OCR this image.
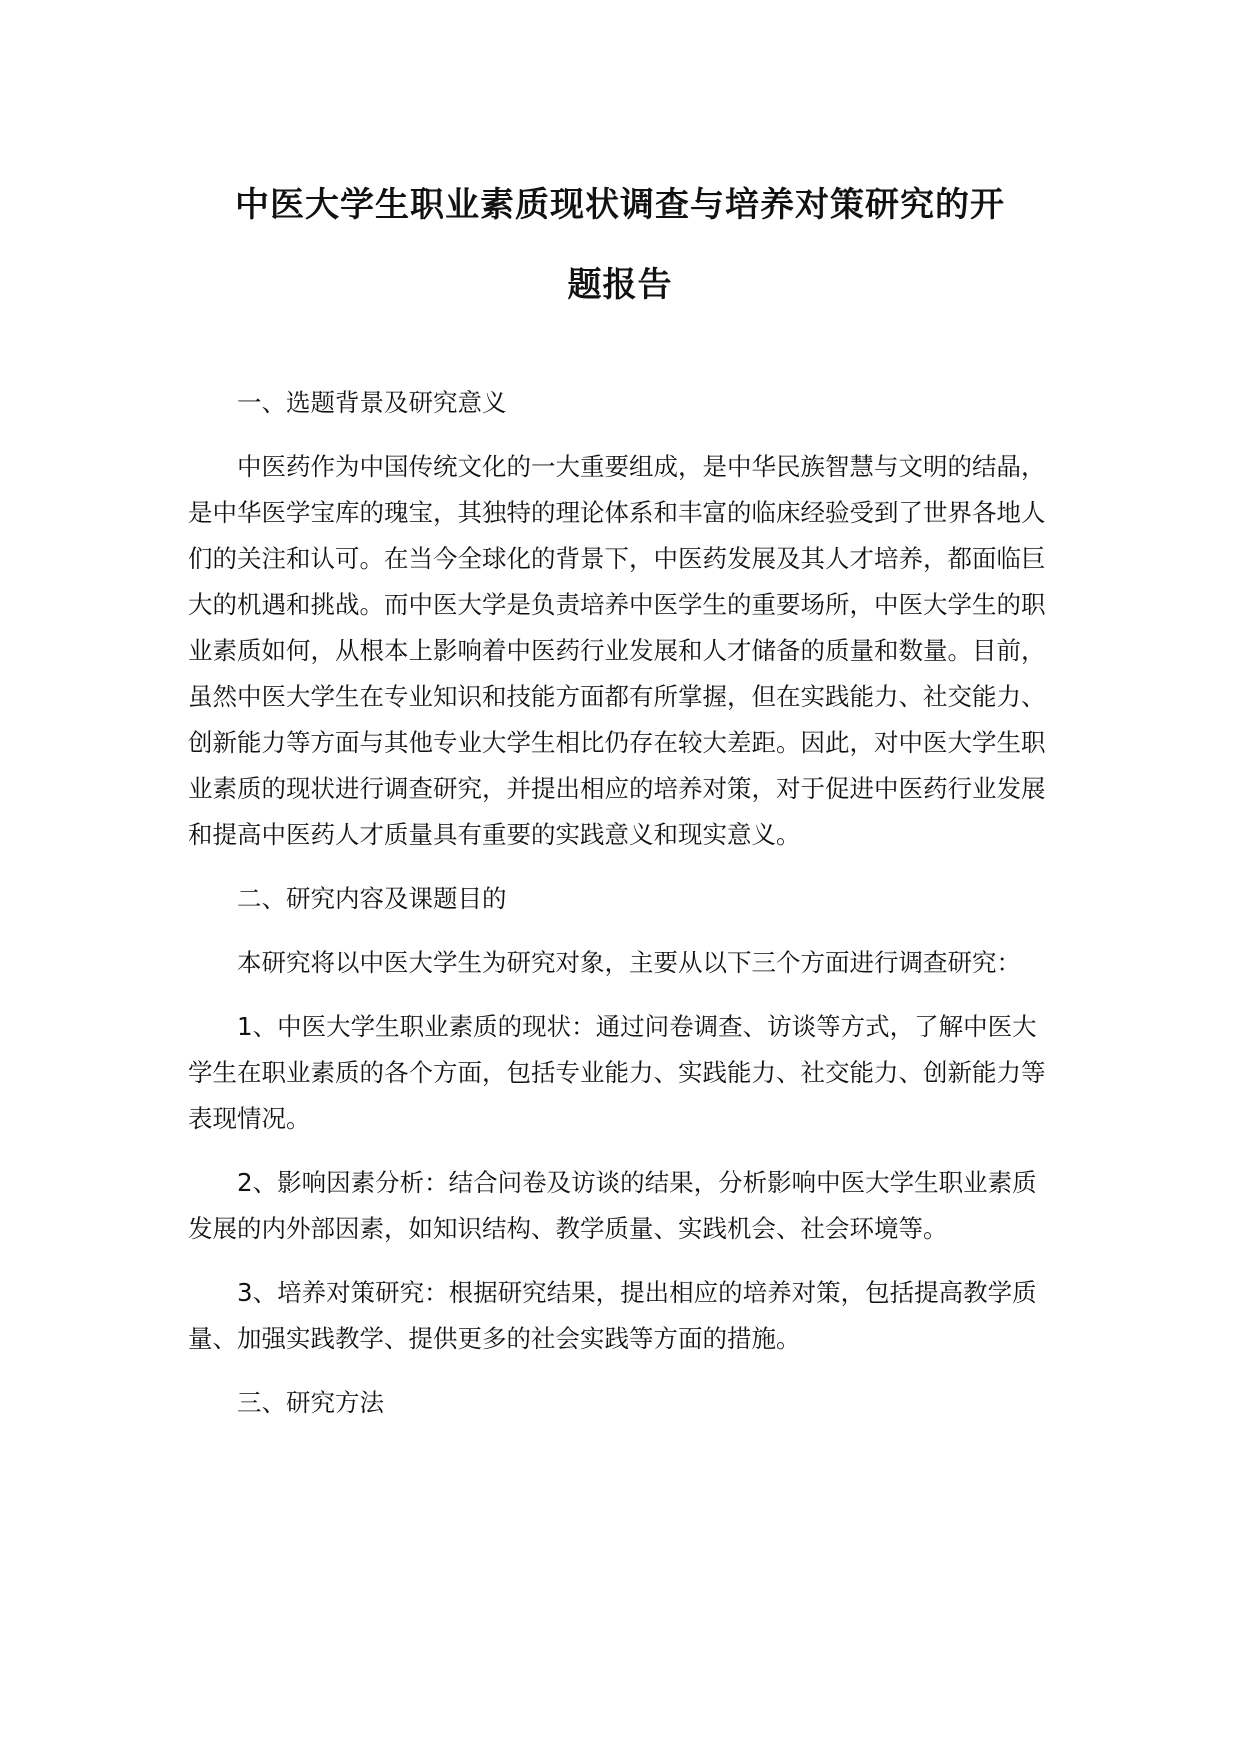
中医大学生职业素质现状调查与培养对策研究的开
题报告

一、选题背景及研究意义

中医药作为中国传统文化的一大重要组成，是中华民族智慧与文明的结晶，是中华医学宝库的瑰宝，其独特的理论体系和丰富的临床经验受到了世界各地人们的关注和认可。在当今全球化的背景下，中医药发展及其人才培养，都面临巨大的机遇和挑战。而中医大学是负责培养中医学生的重要场所，中医大学生的职业素质如何，从根本上影响着中医药行业发展和人才储备的质量和数量。目前，虽然中医大学生在专业知识和技能方面都有所掌握，但在实践能力、社交能力、创新能力等方面与其他专业大学生相比仍存在较大差距。因此，对中医大学生职业素质的现状进行调查研究，并提出相应的培养对策，对于促进中医药行业发展和提高中医药人才质量具有重要的实践意义和现实意义。

二、研究内容及课题目的

本研究将以中医大学生为研究对象，主要从以下三个方面进行调查研究：

1、中医大学生职业素质的现状：通过问卷调查、访谈等方式，了解中医大学生在职业素质的各个方面，包括专业能力、实践能力、社交能力、创新能力等表现情况。

2、影响因素分析：结合问卷及访谈的结果，分析影响中医大学生职业素质发展的内外部因素，如知识结构、教学质量、实践机会、社会环境等。

3、培养对策研究：根据研究结果，提出相应的培养对策，包括提高教学质量、加强实践教学、提供更多的社会实践等方面的措施。

三、研究方法
